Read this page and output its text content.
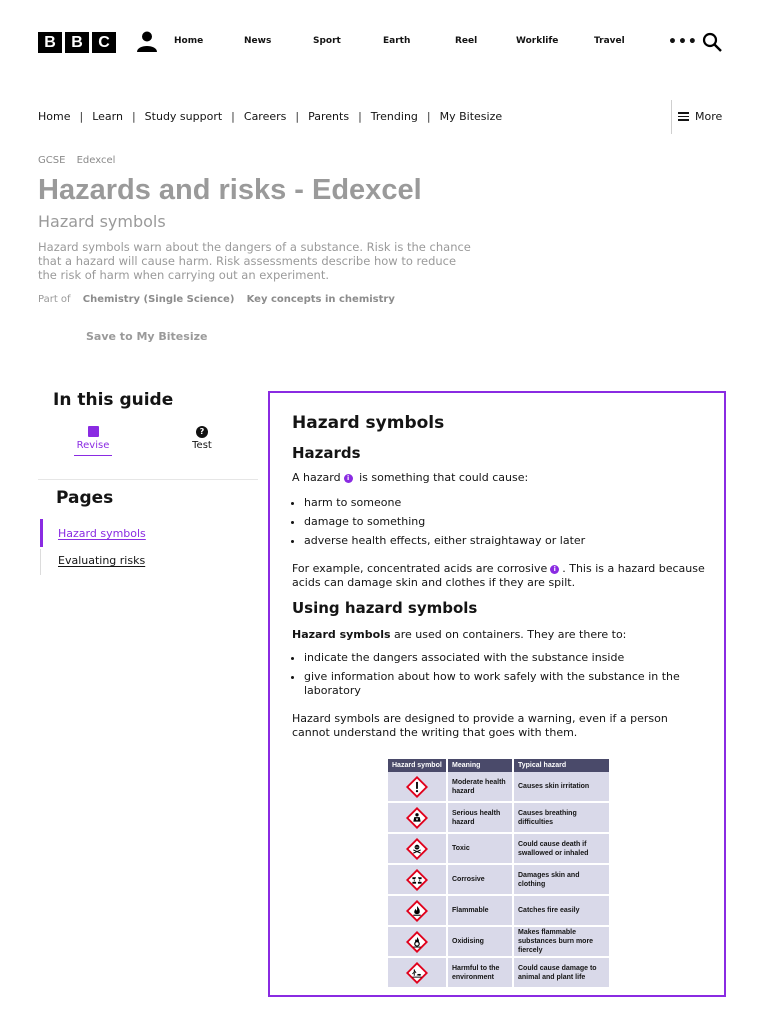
B B C	Home	News	Sport	Earth	Reel	Worklife	Travel	•••
Home | Learn | Study support | Careers | Parents | Trending | My Bitesize	More
GCSE Edexcel
Hazards and risks - Edexcel
Hazard symbols
Hazard symbols warn about the dangers of a substance. Risk is the chance that a hazard will cause harm. Risk assessments describe how to reduce the risk of harm when carrying out an experiment.
Part of Chemistry (Single Science) Key concepts in chemistry
Save to My Bitesize
In this guide
Revise
?
Test
Pages
Hazard symbols
Evaluating risks
Hazard symbols
Hazards
A hazard i is something that could cause:
• harm to someone
• damage to something
• adverse health effects, either straightaway or later
For example, concentrated acids are corrosive i . This is a hazard because acids can damage skin and clothes if they are spilt.
Using hazard symbols
Hazard symbols are used on containers. They are there to:
• indicate the dangers associated with the substance inside
• give information about how to work safely with the substance in the laboratory
Hazard symbols are designed to provide a warning, even if a person cannot understand the writing that goes with them.
Hazard symbol	Meaning	Typical hazard

	Moderate health hazard	Causes skin irritation

	Serious health hazard	Causes breathing difficulties

	Toxic	Could cause death if swallowed or inhaled

	Corrosive	Damages skin and clothing

	Flammable	Catches fire easily

	Oxidising	Makes flammable substances burn more fiercely

	Harmful to the environment	Could cause damage to animal and plant life
